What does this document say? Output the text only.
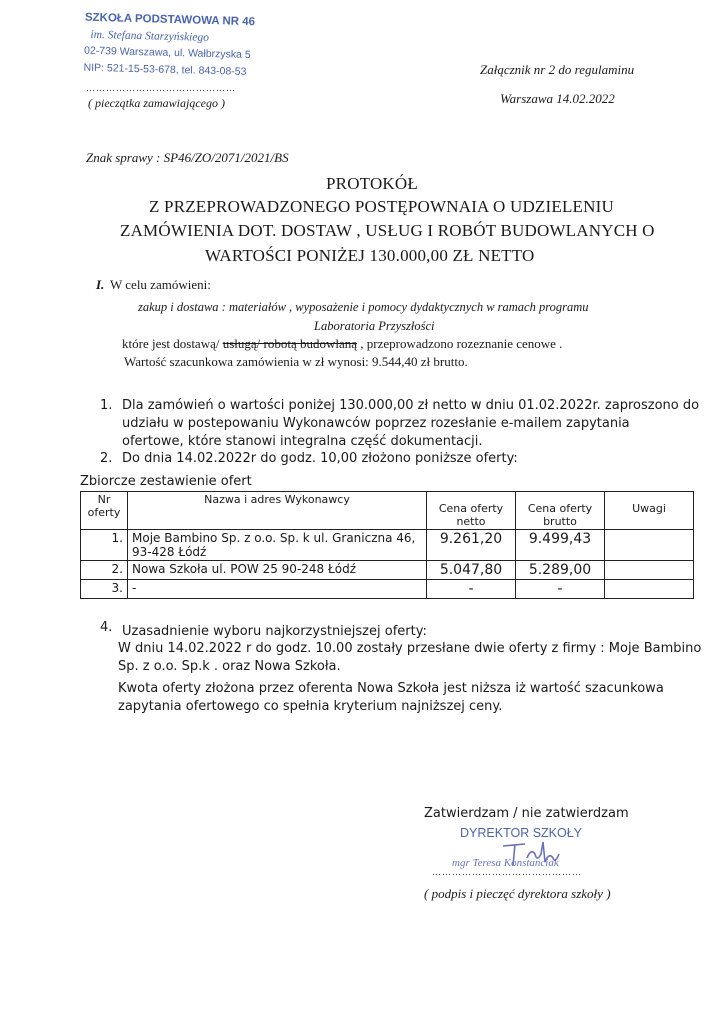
SZKOŁA PODSTAWOWA NR 46
im. Stefana Starzyńskiego
02-739 Warszawa, ul. Wałbrzyska 5
NIP: 521-15-53-678, tel. 843-08-53
………………………………………
( pieczątka zamawiającego )
Załącznik nr 2 do regulaminu
Warszawa 14.02.2022
Znak sprawy : SP46/ZO/2071/2021/BS
PROTOKÓŁ
Z PRZEPROWADZONEGO POSTĘPOWNAIA O UDZIELENIU
ZAMÓWIENIA DOT. DOSTAW , USŁUG I ROBÓT BUDOWLANYCH O
WARTOŚCI PONIŻEJ 130.000,00 ZŁ NETTO
I. W celu zamówieni:
zakup i dostawa : materiałów , wyposażenie i pomocy dydaktycznych w ramach programu
Laboratoria Przyszłości
które jest dostawą/ usługą/ robotą budowlaną , przeprowadzono rozeznanie cenowe .
Wartość szacunkowa zamówienia w zł wynosi: 9.544,40 zł brutto.
1. Dla zamówień o wartości poniżej 130.000,00 zł netto w dniu 01.02.2022r. zaproszono do
udziału w postepowaniu Wykonawców poprzez rozesłanie e-mailem zapytania
ofertowe, które stanowi integralna część dokumentacji.
2. Do dnia 14.02.2022r do godz. 10,00 złożono poniższe oferty:
Zbiorcze zestawienie ofert
Nr oferty	Nazwa i adres Wykonawcy	Cena oferty netto	Cena oferty brutto	Uwagi
1.	Moje Bambino Sp. z o.o. Sp. k ul. Graniczna 46, 93-428 Łódź	9.261,20	9.499,43	
2.	Nowa Szkoła ul. POW 25 90-248 Łódź	5.047,80	5.289,00	
3.	-	-	-	
4. Uzasadnienie wyboru najkorzystniejszej oferty:
W dniu 14.02.2022 r do godz. 10.00 zostały przesłane dwie oferty z firmy : Moje Bambino
Sp. z o.o. Sp.k . oraz Nowa Szkoła.
Kwota oferty złożona przez oferenta Nowa Szkoła jest niższa iż wartość szacunkowa
zapytania ofertowego co spełnia kryterium najniższej ceny.
Zatwierdzam / nie zatwierdzam
DYREKTOR SZKOŁY
mgr Teresa Konstanciak
………………………………………
( podpis i pieczęć dyrektora szkoły )
